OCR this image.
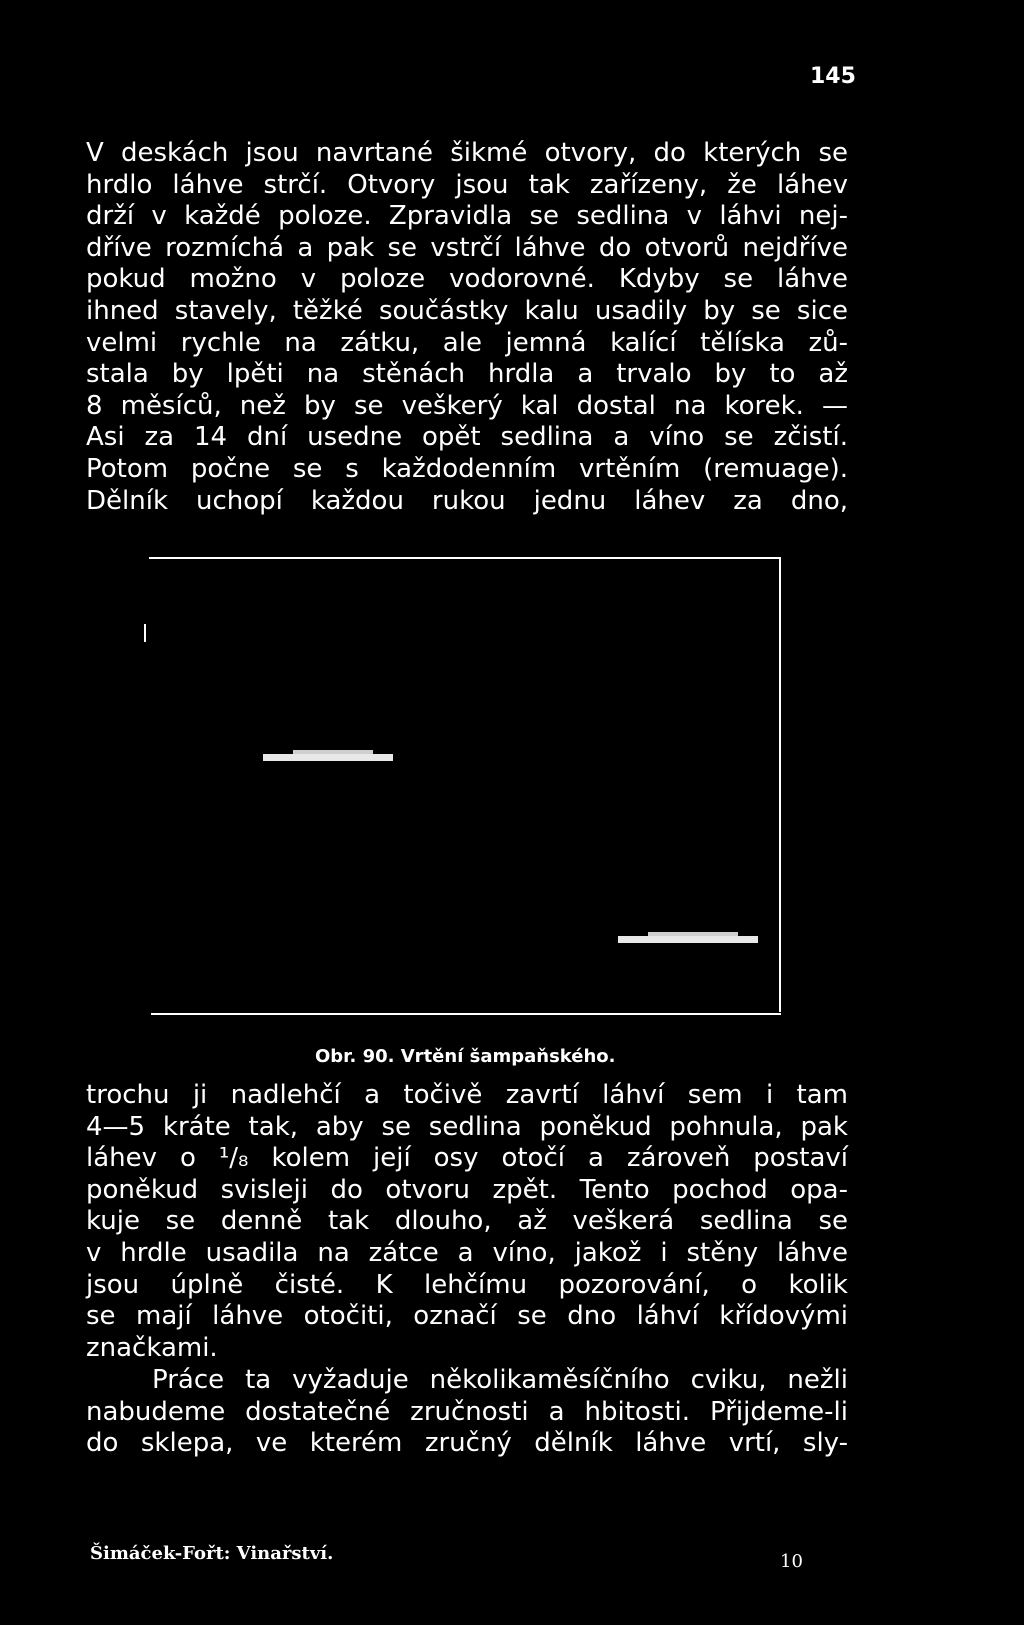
145
V deskách jsou navrtané šikmé otvory, do kterých se
hrdlo láhve strčí. Otvory jsou tak zařízeny, že láhev
drží v každé poloze. Zpravidla se sedlina v láhvi nej-
dříve rozmíchá a pak se vstrčí láhve do otvorů nejdříve
pokud možno v poloze vodorovné. Kdyby se láhve
ihned stavely, těžké součástky kalu usadily by se sice
velmi rychle na zátku, ale jemná kalící tělíska zů-
stala by lpěti na stěnách hrdla a trvalo by to až
8 měsíců, než by se veškerý kal dostal na korek. —
Asi za 14 dní usedne opět sedlina a víno se zčistí.
Potom počne se s každodenním vrtěním (remuage).
Dělník uchopí každou rukou jednu láhev za dno,
Obr. 90. Vrtění šampaňského.
trochu ji nadlehčí a točivě zavrtí láhví sem i tam
4—5 kráte tak, aby se sedlina poněkud pohnula, pak
láhev o ¹/₈ kolem její osy otočí a zároveň postaví
poněkud svisleji do otvoru zpět. Tento pochod opa-
kuje se denně tak dlouho, až veškerá sedlina se
v hrdle usadila na zátce a víno, jakož i stěny láhve
jsou úplně čisté. K lehčímu pozorování, o kolik
se mají láhve otočiti, označí se dno láhví křídovými
značkami.
Práce ta vyžaduje několikaměsíčního cviku, nežli
nabudeme dostatečné zručnosti a hbitosti. Přijdeme-li
do sklepa, ve kterém zručný dělník láhve vrtí, sly-
Šimáček-Fořt: Vinařství.	10
